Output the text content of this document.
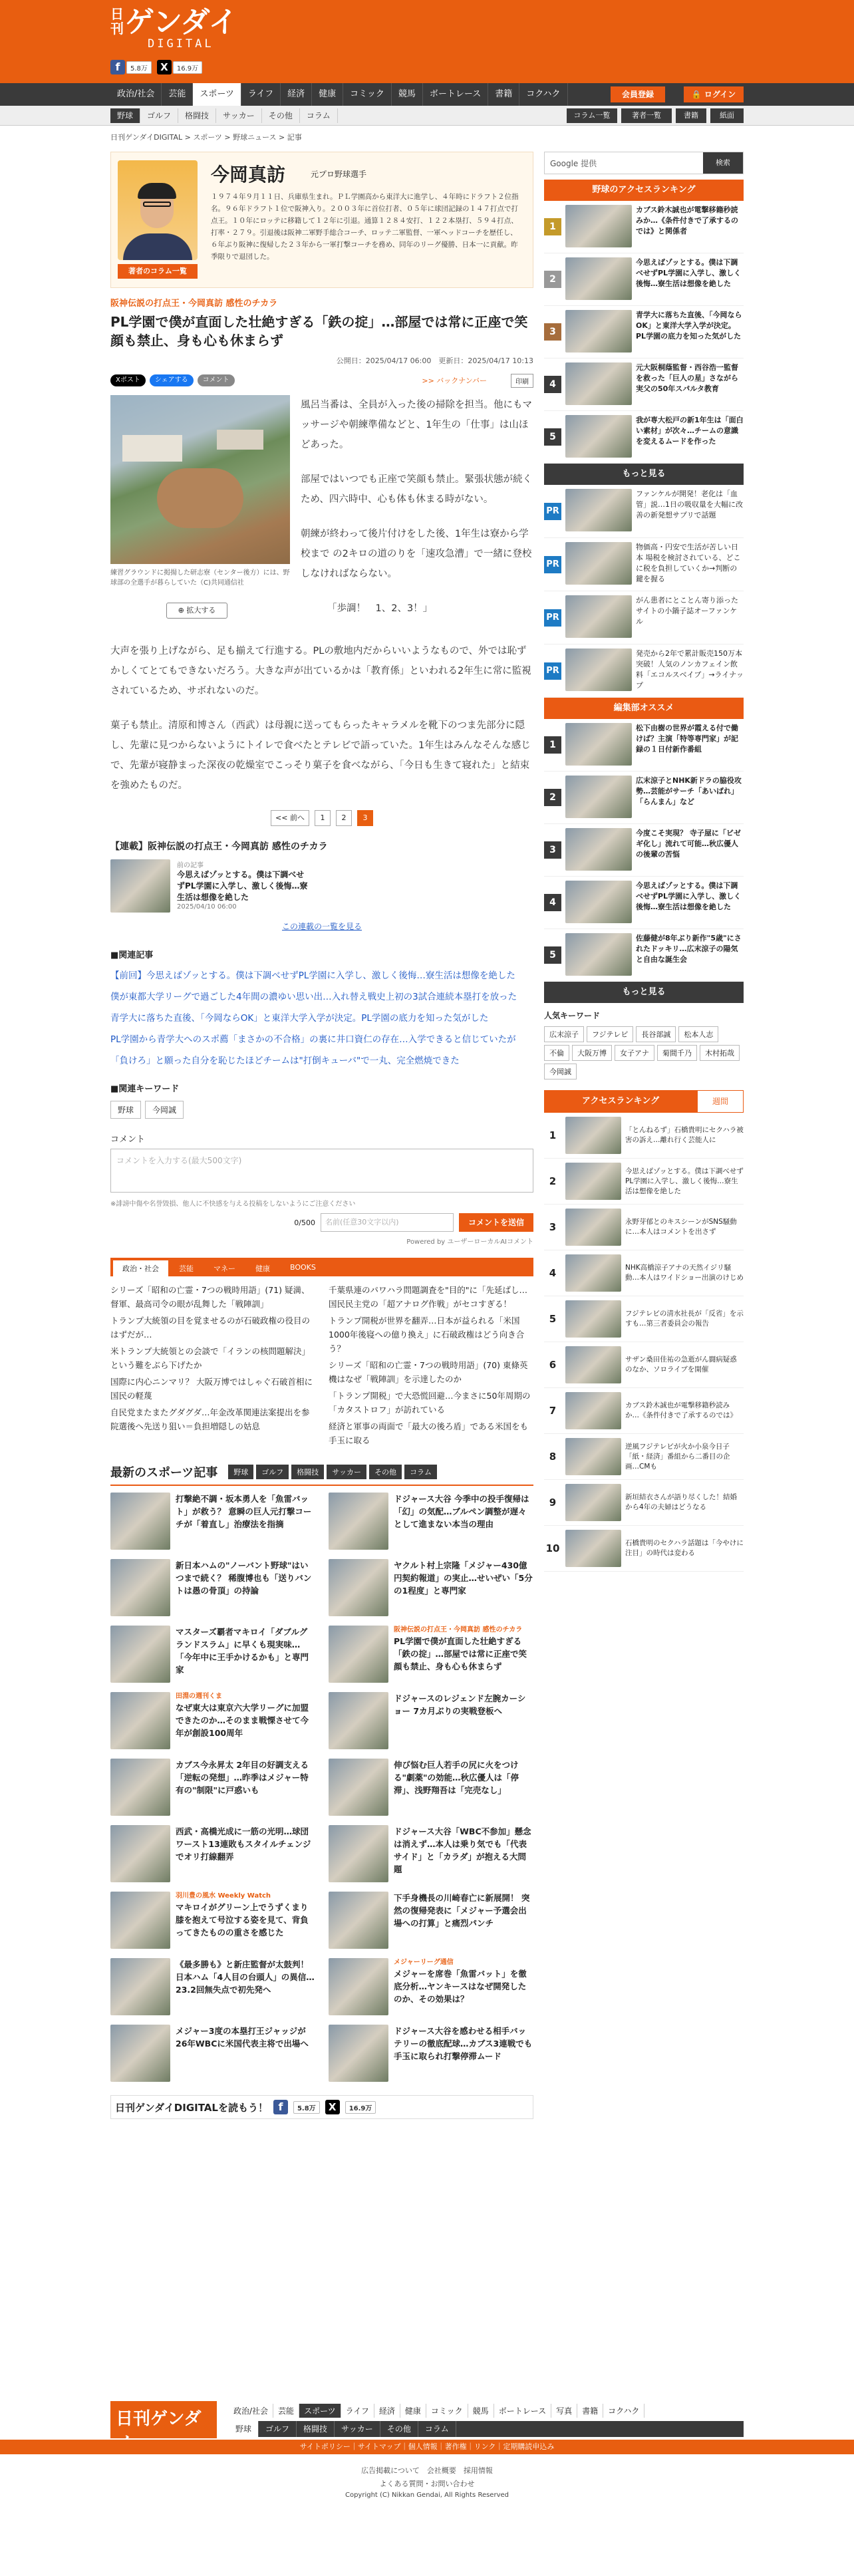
日刊ゲンダイ
DIGITAL
f	5.8万	X	16.9万
政治/社会	芸能	スポーツ	ライフ	経済	健康	コミック	競馬	ボートレース	書籍	コクハク	会員登録	🔒 ログイン
野球	ゴルフ	格闘技	サッカー	その他	コラム	コラム一覧	著者一覧	書籍	紙面
日刊ゲンダイDIGITAL > スポーツ > 野球ニュース > 記事
著者のコラム一覧
今岡真訪	元プロ野球選手
１９７４年９月１１日、兵庫県生まれ。ＰＬ学園高から東洋大に進学し、４年時にドラフト２位指名。９６年ドラフト１位で阪神入り。２００３年に首位打者、０５年に球団記録の１４７打点で打点王。１０年にロッテに移籍して１２年に引退。通算１２８４安打、１２２本塁打、５９４打点、打率・２７９。引退後は阪神二軍野手総合コーチ、ロッテ二軍監督、一軍ヘッドコーチを歴任し、６年ぶり阪神に復帰した２３年から一軍打撃コーチを務め、同年のリーグ優勝、日本一に貢献。昨季限りで退団した。
阪神伝説の打点王・今岡真訪 感性のチカラ
PL学園で僕が直面した壮絶すぎる「鉄の掟」…部屋では常に正座で笑顔も禁止、身も心も休まらず
公開日：2025/04/17 06:00　 更新日：2025/04/17 10:13
Xポスト	シェアする	コメント	>> バックナンバー	印刷
練習グラウンドに掲揚した研志寮（センター後方）には、野球部の全選手が暮らしていた（C)共同通信社
⊕ 拡大する

風呂当番は、全員が入った後の掃除を担当。他にもマッサージや朝練準備などと、1年生の「仕事」は山ほどあった。

部屋ではいつでも正座で笑顔も禁止。緊張状態が続くため、四六時中、心も体も休まる時がない。

朝練が終わって後片付けをした後、1年生は寮から学校まで の2キロの道のりを「速攻急漕」で一緒に登校しなければならない。

「歩調！　1、2、3！」

大声を張り上げながら、足も揃えて行進する。PLの敷地内だからいいようなもので、外では恥ずかしくてとてもできないだろう。大きな声が出ているかは「教育係」といわれる2年生に常に監視されているため、サボれないのだ。

菓子も禁止。清原和博さん（西武）は母親に送ってもらったキャラメルを靴下のつま先部分に隠し、先輩に見つからないようにトイレで食べたとテレビで語っていた。1年生はみんなそんな感じで、先輩が寝静まった深夜の乾燥室でこっそり菓子を食べながら、「今日も生きて寝れた」と結束を強めたものだ。

<< 前へ	1	2	3
【連載】阪神伝説の打点王・今岡真訪 感性のチカラ
前の記事
今思えばゾッとする。僕は下調べせずPL学園に入学し、激しく後悔…寮生活は想像を絶した
2025/04/10 06:00
この連載の一覧を見る
■関連記事
【前回】今思えばゾッとする。僕は下調べせずPL学園に入学し、激しく後悔…寮生活は想像を絶した
僕が東都大学リーグで過ごした4年間の濃ゆい思い出…入れ替え戦史上初の3試合連続本塁打を放った
青学大に落ちた直後、「今岡ならOK」と東洋大学入学が決定。PL学園の底力を知った気がした
PL学園から青学大へのスポ薦「まさかの不合格」の裏に井口資仁の存在…入学できると信じていたが
「負けろ」と願った自分を恥じたほどチームは"打倒キューバ"で一丸、完全燃焼できた
■関連キーワード
野球	今岡誠
コメント
コメントを入力する(最大500文字)
※誹謗中傷や名誉毀損、他人に不快感を与える投稿をしないようにご注意ください
0/500	名前(任意30文字以内)	コメントを送信
Powered by ユーザーローカルAIコメント
政治・社会	芸能	マネー	健康	BOOKS
シリーズ「昭和の亡霊・7つの戦時用語」(71) 疑満、督軍、最高司令の眼が乱舞した「戦陣訓」
トランプ大統領の目を覚ませるのが石破政権の役目のはずだが…
米トランプ大統領との会談で「イランの核問題解決」という難をぶら下げたか
国際に内心ニンマリ？ 大阪万博ではしゃぐ石破首相に国民の軽蔑
自民党またまたグダグダ…年金改革関連法案提出を参院選後へ先送り狙い＝負担増隠しの姑息
千葉県連のパワハラ問題調査を"目的"に「先延ばし…国民民主党の「超アナログ作戦」がセコすぎる！
トランプ開税が世界を翻弄…日本が益られる「米国1000年後寝への億り換え」に石破政権はどう向き合う？
シリーズ「昭和の亡霊・7つの戦時用語」(70) 東條英機はなぜ「戦陣訓」を示達したのか
「トランプ開税」で大恐慌回避…今まさに50年周期の「カタストロフ」が訪れている
経済と軍事の両面で「最大の後ろ盾」である米国をも手玉に取る
最新のスポーツ記事	野球	ゴルフ	格闘技	サッカー	その他	コラム
打撃絶不調・坂本勇人を「魚雷バット」が救う？ 意瞬の巨人元打撃コーチが「着直し」治療法を指摘
ドジャース大谷 今季中の投手復帰は「幻」の気配…ブルペン調整が遅々として進まない本当の理由
新日本ハムの"ノーバント野球"はいつまで続く？ 稀腹博也も「送りバントは愚の骨頂」の持論
ヤクルト村上宗隆「メジャー430億円契約報道」の実止…せいぜい「5分の1程度」と専門家
マスターズ覇者マキロイ「ダブルグランドスラム」に早くも現実味…「今年中に王手かけるかも」と専門家
阪神伝説の打点王・今岡真訪 感性のチカラ
PL学園で僕が直面した壮絶すぎる「鉄の掟」…部屋では常に正座で笑顔も禁止、身も心も休まらず
田淵の週刊くま
なぜ東大は東京六大学リーグに加盟できたのか…そのまま戦慄させて今年が創設100周年
ドジャースのレジェンド左腕カーショー 7カ月ぶりの実戦登板へ
カブス今永昇太 2年目の好調支える「逆転の発想」…昨季はメジャー特有の"制限"に戸惑いも
伸び悩む巨人若手の尻に火をつける"劇薬"の効能…秋広優人は「停滞」、浅野翔吾は「完売なし」
西武・高橋光成に一筋の光明…球団ワースト13連敗もスタイルチェンジでオリ打線翻弄
ドジャース大谷「WBC不参加」懸念は消えず…本人は乗り気でも「代表サイド」と「カラダ」が抱える大問題
羽川豊の風水 Weekly Watch
マキロイがグリーン上でうずくまり膝を抱えて号泣する姿を見て、背負ってきたものの重さを感じた
下手身機長の川崎春亡に新展開！ 突然の復帰発表に「メジャー予選会出場への打算」と痛烈パンチ
《最多勝も》と新庄監督が太鼓判！日本ハム「4人目の台頭人」の異信…23.2回無失点で初先発へ
メジャーリーグ通信
メジャーを席巻「魚雷バット」を徹底分析…ヤンキースはなぜ開発したのか、その効果は？
メジャー3度の本塁打王ジャッジが26年WBCに米国代表主将で出場へ
ドジャース大谷を感わせる相手バッテリーの徹底配球…カブス3連戦でも手玉に取られ打撃停滞ムード
日刊ゲンダイDIGITALを読もう！ f	5.8万	X	16.9万
Google 提供	検索
野球のアクセスランキング
1
カブス鈴木誠也が電撃移籍秒読みか…《条件付きで了承するのでは》と関係者
2
今思えばゾッとする。僕は下調べせずPL学園に入学し、激しく後悔…寮生活は想像を絶した
3
青学大に落ちた直後、「今岡ならOK」と東洋大学入学が決定。PL学園の底力を知った気がした
4
元大阪桐蔭監督・西谷浩一監督を救った「巨人の星」さながら実父の50年スパルタ教育
5
我が専大松戸の新1年生は「面白い素材」が次々…チームの意識を変えるムードを作った
もっと見る
PR
ファンケルが開発！老化は「血管」説…1日の吸収量を大幅に改善の新発想サプリで話題
PR
物価高・円安で生活が苦しい日本 場税を検討されている、どこに税を負担していくか→判断の鍵を握る
PR
がん患者にとことん寄り添ったサイトの小鍋子誌オーファンケル
PR
発売から2年で累計販売150万本突破！人気のノンカフェイン飲料「エコルスベイブ」→ライナップ
編集部オススメ
1
松下由樹の世界が霞える付で働けば？主演「特等専門家」が記録の１日付新作番組
2
広末涼子とNHK新ドラの脇役攻勢…芸能がサーチ「あいばれ」「らんまん」など
3
今度こそ実現？ 寺子屋に「ビゼギ化し」流れて可能…秋広優人の後輩の苦悩
4
今思えばゾッとする。僕は下調べせずPL学園に入学し、激しく後悔…寮生活は想像を絶した
5
佐藤健が8年ぶり新作"5歳"にされたドッキリ…広末涼子の陽気と自由な誕生会
もっと見る
人気キーワード
広末涼子	フジテレビ	長谷部誠	松本人志
不倫	大阪万博	女子アナ	菊間千乃	木村拓哉
今岡誠
アクセスランキング	週間
1	「とんねるず」石橋貴明にセクハラ被害の訴え…離れ行く芸能人に
2
今思えばゾッとする。僕は下調べせずPL学園に入学し、激しく後悔…寮生活は想像を絶した
3	永野芽郁とのキスシーンがSNS騒動に…本人はコメントを出さず
4	NHK高橋涼子アナの天然イジリ騒動…本人はワイドショー出演のけじめ
5	フジテレビの清水社長が「反省」を示すも…第三者委員会の報告
6	サザン桑田佳祐の急逝がん闘病疑惑のなか、ソロライブを開催
7	カブス鈴木誠也が電撃移籍秒読みか…《条件付きで了承するのでは》
8
逆風フジテレビが火か小泉今日子「紙・経済」番組から二番目の企画…CMも
9	新垣結衣さんが語り尽くした！結婚から4年の夫婦はどうなる
10	石橋貴明のセクハラ話題は「今やけに注目」の時代は変わる
日刊ゲンダ	政治/社会	芸能	スポーツ	ライフ	経済	健康	コミック	競馬	ボートレース	写真	書籍	コクハク
野球	ゴルフ	格闘技	サッカー	その他	コラム
サイトポリシー｜サイトマップ｜個人情報｜著作権｜リンク｜定期購読申込み
広告掲載について　会社概要　採用情報
よくある質問・お問い合わせ
Copyright (C) Nikkan Gendai, All Rights Reserved
